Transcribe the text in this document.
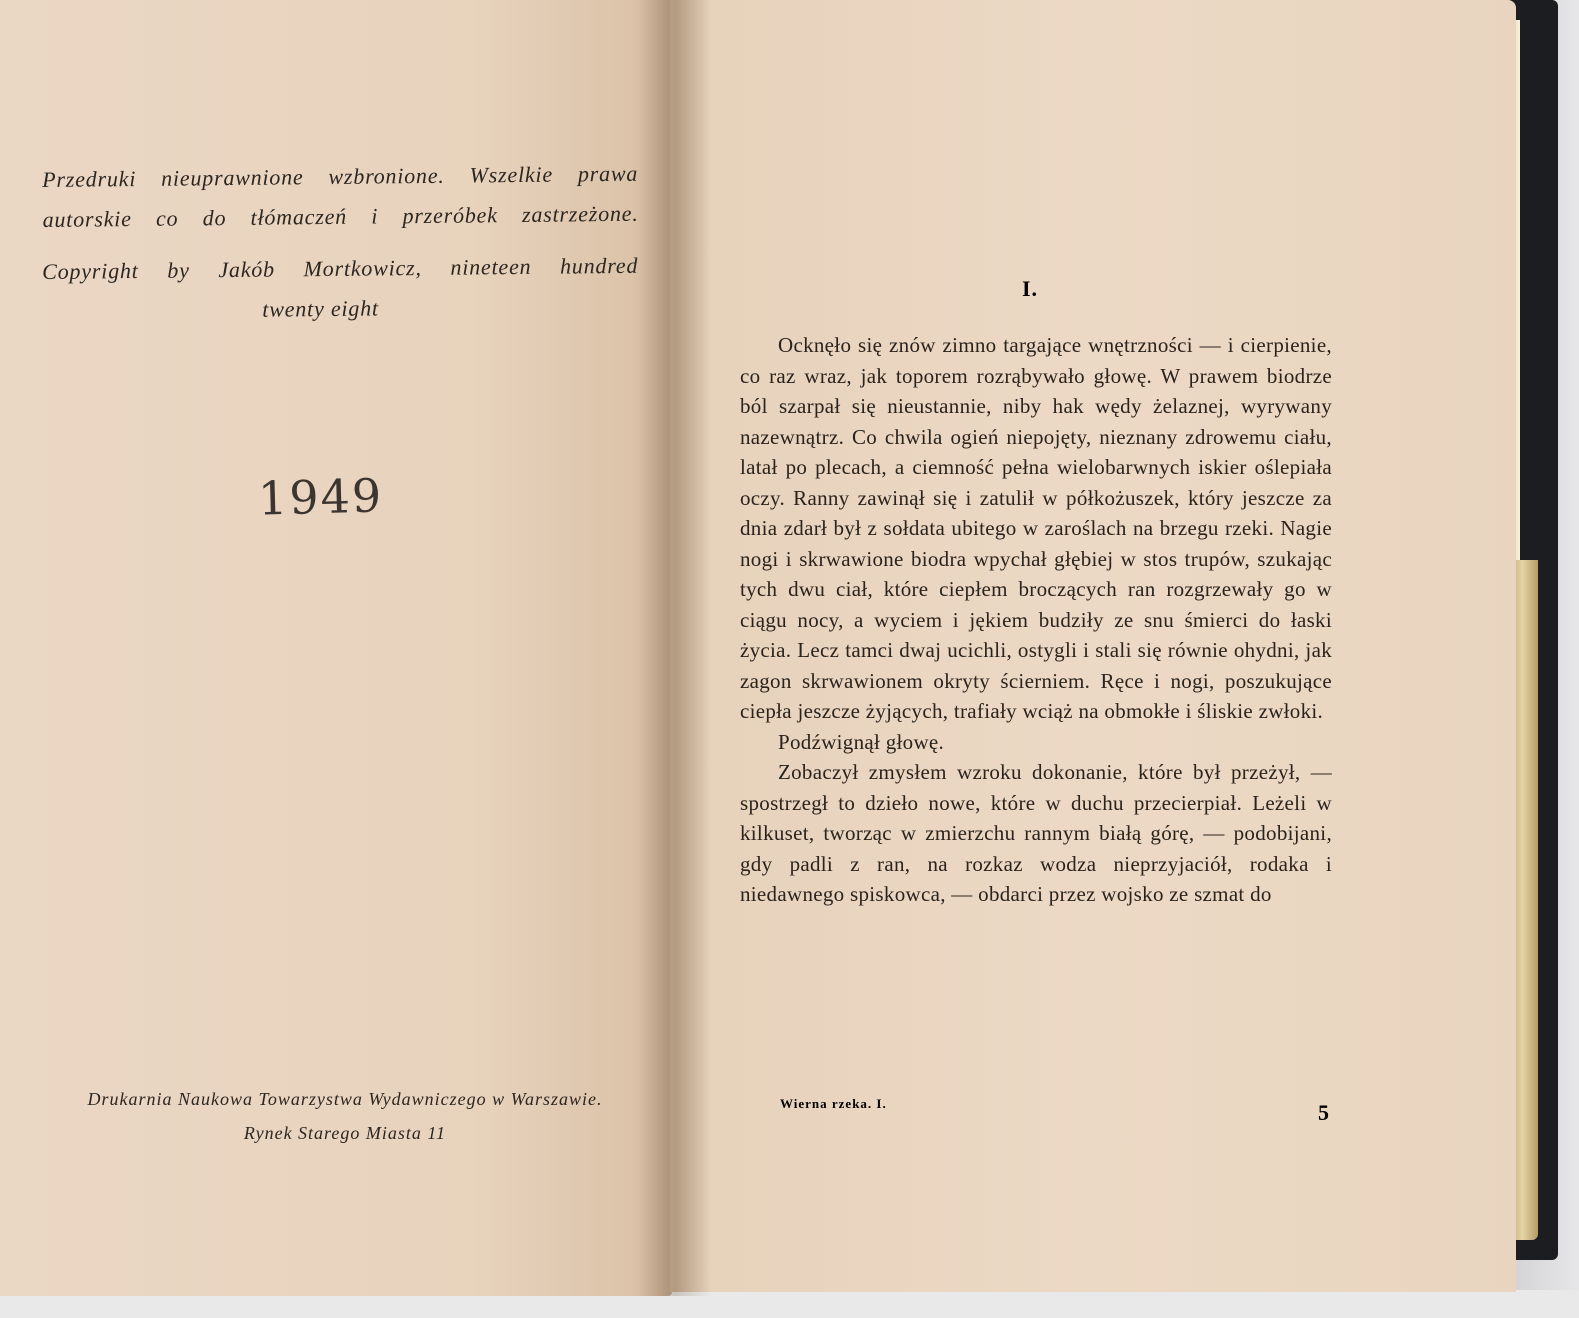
Przedruki nieuprawnione wzbronione. Wszelkie prawa autorskie co do tłómaczeń i przeróbek zastrzeżone.

Copyright by Jakób Mortkowicz, nineteen hundred
twenty eight

1949

Drukarnia Naukowa Towarzystwa Wydawniczego w Warszawie.
Rynek Starego Miasta 11

I.

Ocknęło się znów zimno targające wnętrzności — i cierpienie, co raz wraz, jak toporem rozrąbywało głowę. W prawem biodrze ból szarpał się nieustannie, niby hak wędy żelaznej, wyrywany nazewnątrz. Co chwila ogień niepojęty, nieznany zdrowemu ciału, latał po plecach, a ciemność pełna wielobarwnych iskier oślepiała oczy. Ranny zawinął się i zatulił w półkożuszek, który jeszcze za dnia zdarł był z sołdata ubitego w zaroślach na brzegu rzeki. Nagie nogi i skrwawione biodra wpychał głębiej w stos trupów, szukając tych dwu ciał, które ciepłem broczących ran rozgrzewały go w ciągu nocy, a wyciem i jękiem budziły ze snu śmierci do łaski życia. Lecz tamci dwaj ucichli, ostygli i stali się równie ohydni, jak zagon skrwawionem okryty ścierniem. Ręce i nogi, poszukujące ciepła jeszcze żyjących, trafiały wciąż na obmokłe i śliskie zwłoki.

Podźwignął głowę.

Zobaczył zmysłem wzroku dokonanie, które był przeżył, — spostrzegł to dzieło nowe, które w duchu przecierpiał. Leżeli w kilkuset, tworząc w zmierzchu rannym białą górę, — podobijani, gdy padli z ran, na rozkaz wodza nieprzyjaciół, rodaka i niedawnego spiskowca, — obdarci przez wojsko ze szmat do

Wierna rzeka. I.	5
